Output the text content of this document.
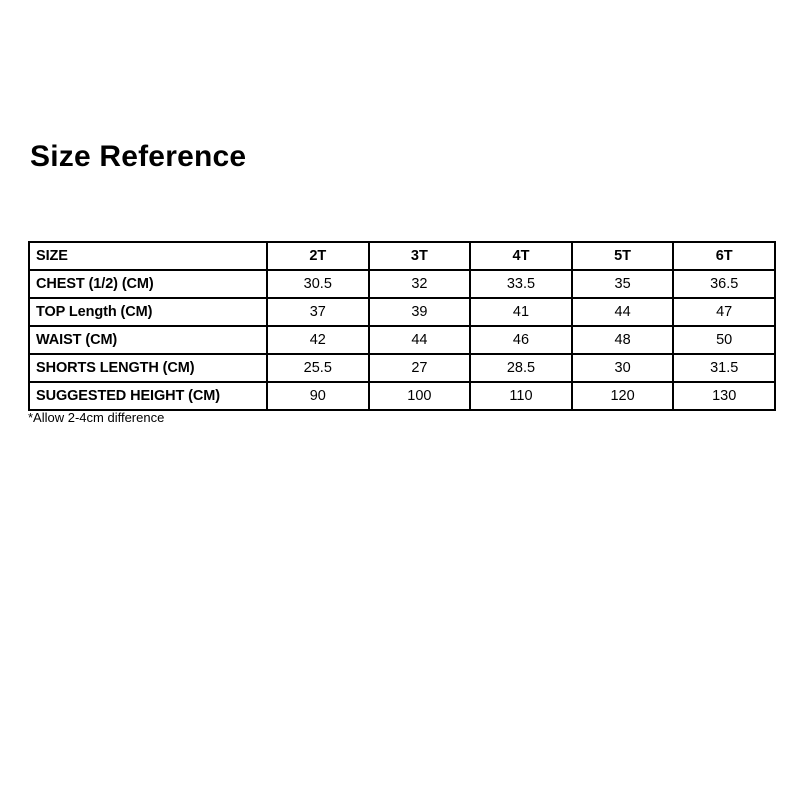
Size Reference
SIZE	2T	3T	4T	5T	6T
CHEST (1/2) (CM)	30.5	32	33.5	35	36.5
TOP Length (CM)	37	39	41	44	47
WAIST (CM)	42	44	46	48	50
SHORTS LENGTH (CM)	25.5	27	28.5	30	31.5
SUGGESTED HEIGHT (CM)	90	100	110	120	130
*Allow 2-4cm difference
